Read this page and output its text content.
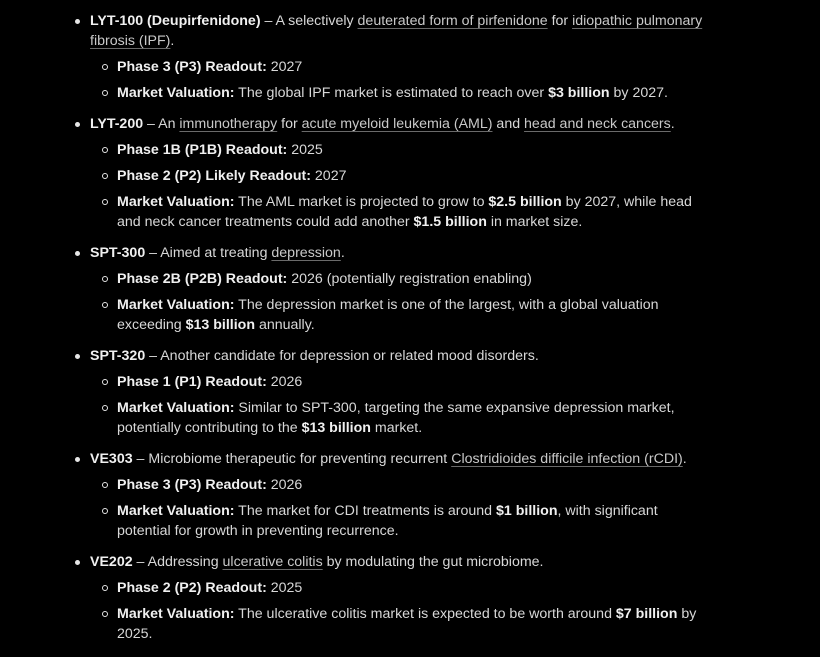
LYT-100 (Deupirfenidone) – A selectively deuterated form of pirfenidone for idiopathic pulmonary fibrosis (IPF).
Phase 3 (P3) Readout: 2027
Market Valuation: The global IPF market is estimated to reach over $3 billion by 2027.
LYT-200 – An immunotherapy for acute myeloid leukemia (AML) and head and neck cancers.
Phase 1B (P1B) Readout: 2025
Phase 2 (P2) Likely Readout: 2027
Market Valuation: The AML market is projected to grow to $2.5 billion by 2027, while head and neck cancer treatments could add another $1.5 billion in market size.
SPT-300 – Aimed at treating depression.
Phase 2B (P2B) Readout: 2026 (potentially registration enabling)
Market Valuation: The depression market is one of the largest, with a global valuation exceeding $13 billion annually.
SPT-320 – Another candidate for depression or related mood disorders.
Phase 1 (P1) Readout: 2026
Market Valuation: Similar to SPT-300, targeting the same expansive depression market, potentially contributing to the $13 billion market.
VE303 – Microbiome therapeutic for preventing recurrent Clostridioides difficile infection (rCDI).
Phase 3 (P3) Readout: 2026
Market Valuation: The market for CDI treatments is around $1 billion, with significant potential for growth in preventing recurrence.
VE202 – Addressing ulcerative colitis by modulating the gut microbiome.
Phase 2 (P2) Readout: 2025
Market Valuation: The ulcerative colitis market is expected to be worth around $7 billion by 2025.
